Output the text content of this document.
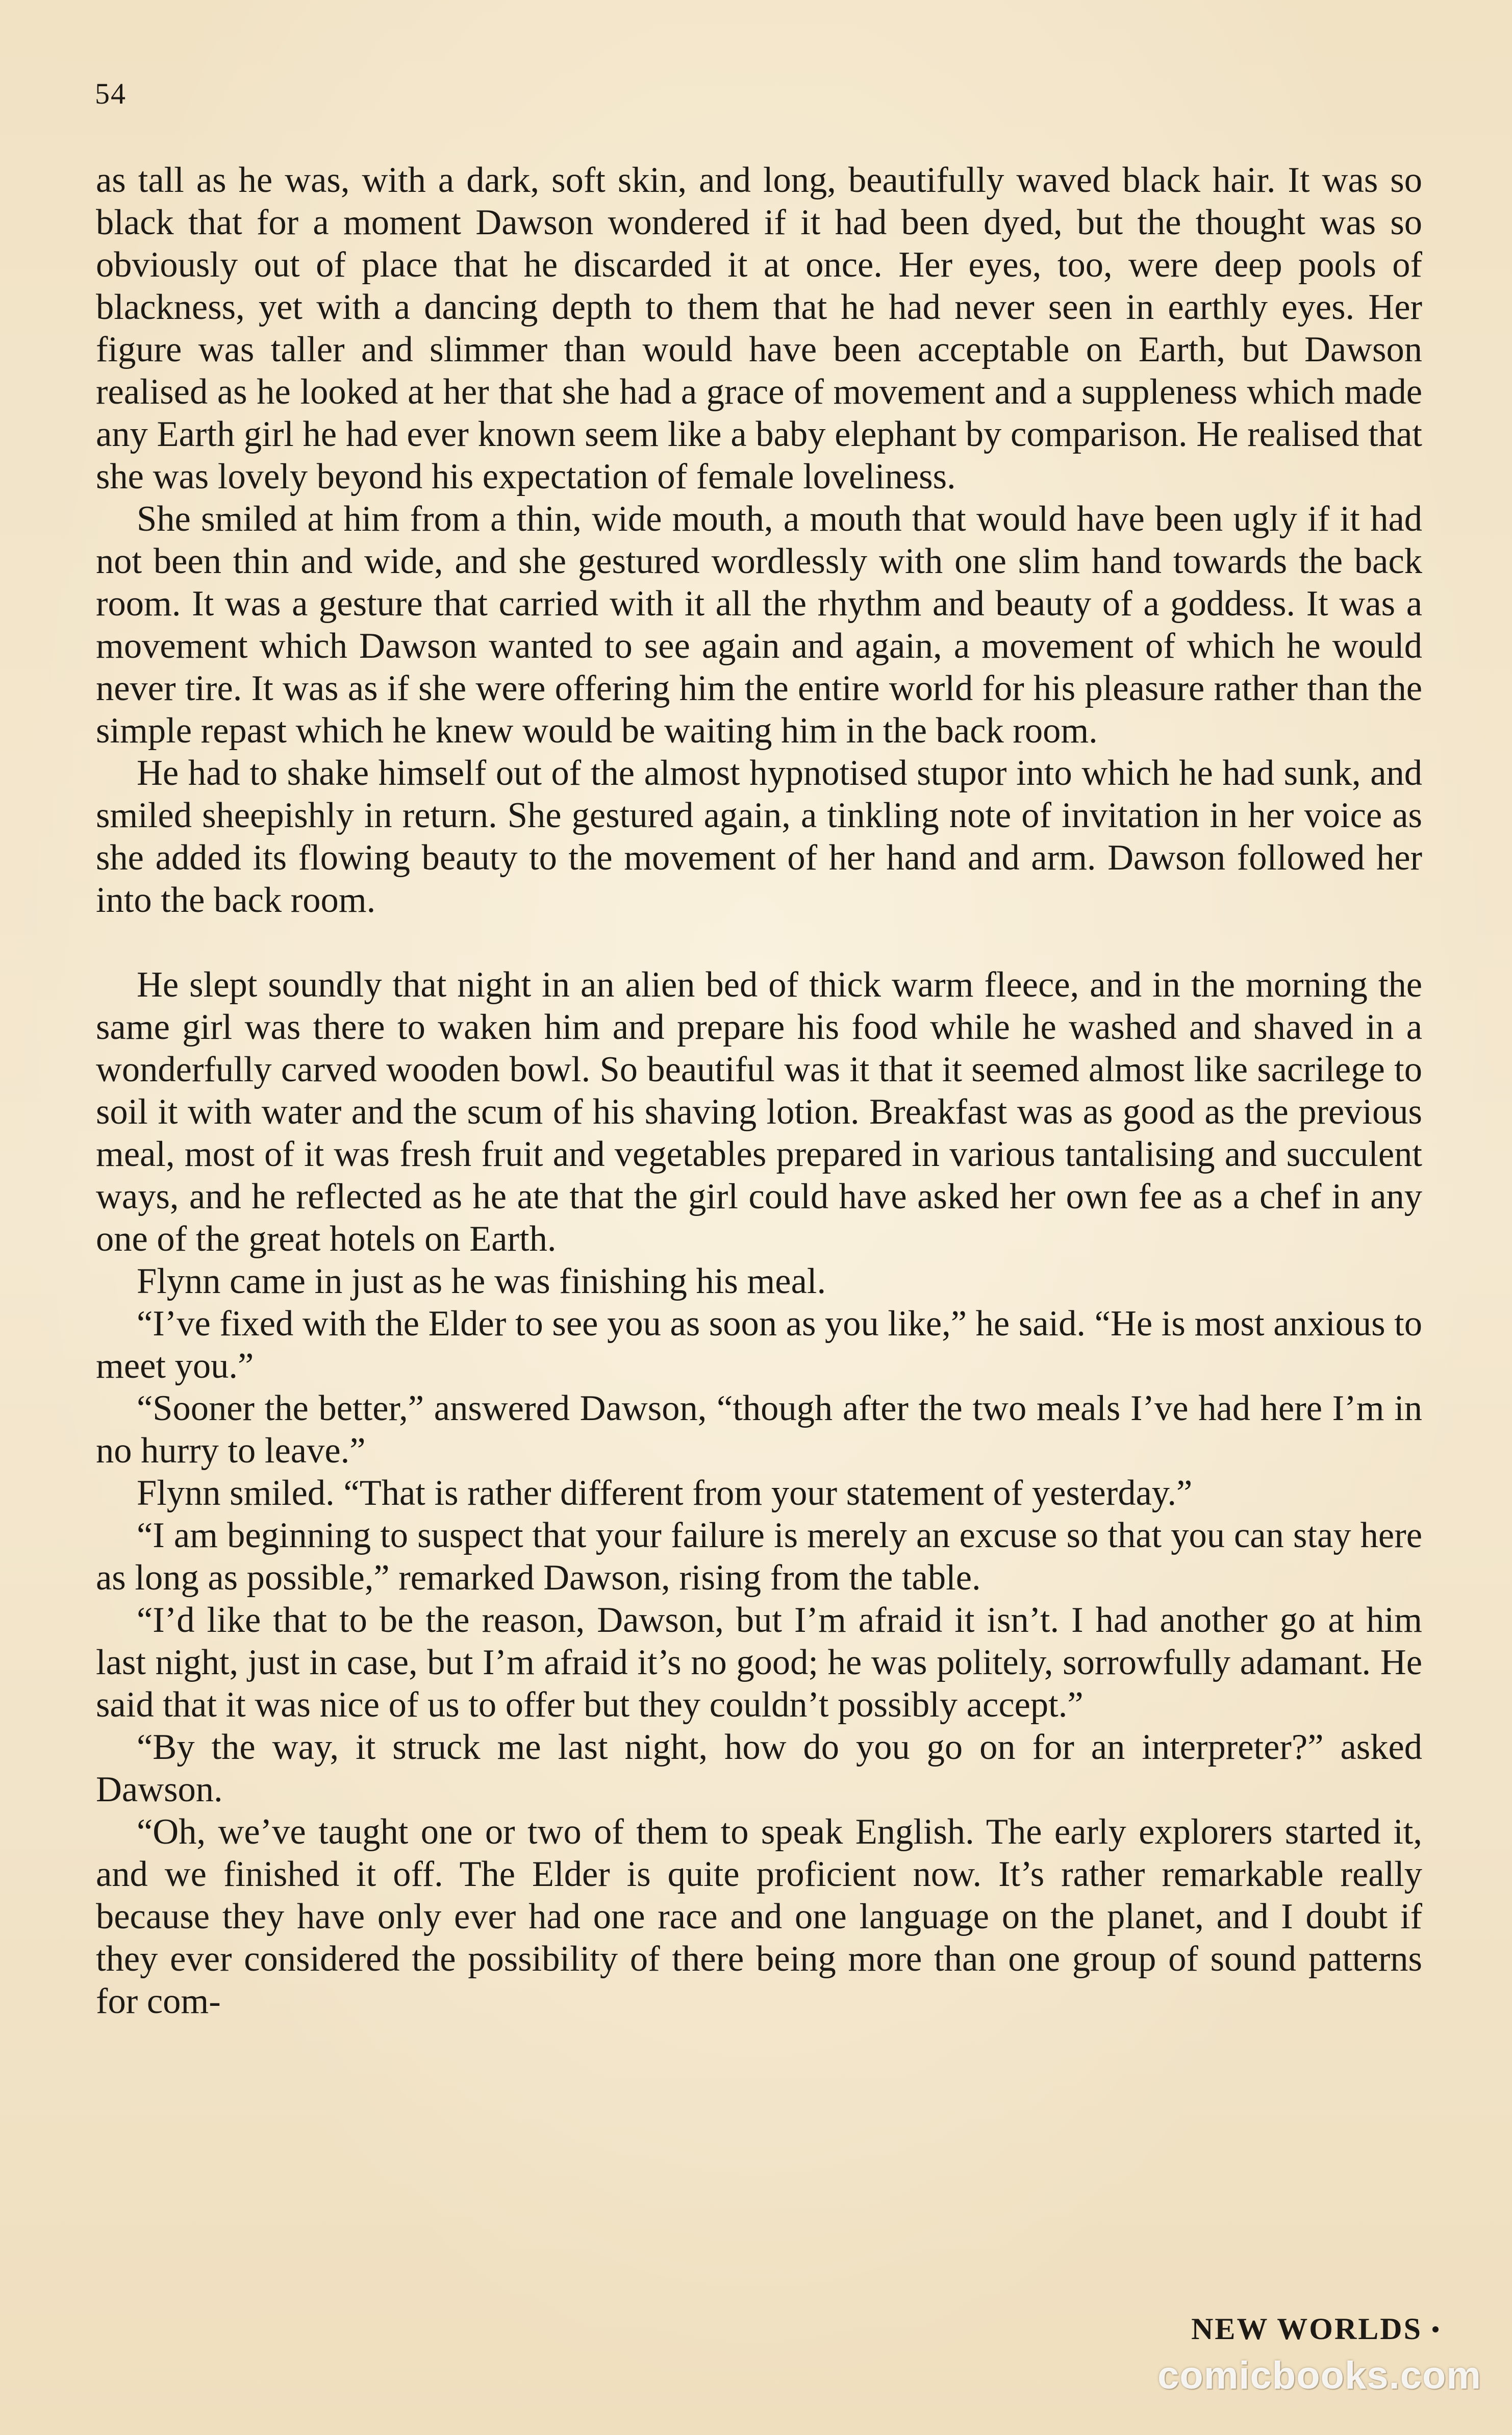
54

as tall as he was, with a dark, soft skin, and long, beautifully waved black hair. It was so black that for a moment Dawson wondered if it had been dyed, but the thought was so obviously out of place that he discarded it at once. Her eyes, too, were deep pools of blackness, yet with a dancing depth to them that he had never seen in earthly eyes. Her figure was taller and slimmer than would have been acceptable on Earth, but Dawson realised as he looked at her that she had a grace of movement and a suppleness which made any Earth girl he had ever known seem like a baby elephant by comparison. He realised that she was lovely beyond his expectation of female loveliness.

She smiled at him from a thin, wide mouth, a mouth that would have been ugly if it had not been thin and wide, and she gestured wordlessly with one slim hand towards the back room. It was a gesture that carried with it all the rhythm and beauty of a goddess. It was a movement which Dawson wanted to see again and again, a movement of which he would never tire. It was as if she were offering him the entire world for his pleasure rather than the simple repast which he knew would be waiting him in the back room.

He had to shake himself out of the almost hypnotised stupor into which he had sunk, and smiled sheepishly in return. She gestured again, a tinkling note of invitation in her voice as she added its flowing beauty to the movement of her hand and arm. Dawson followed her into the back room.

He slept soundly that night in an alien bed of thick warm fleece, and in the morning the same girl was there to waken him and prepare his food while he washed and shaved in a wonderfully carved wooden bowl. So beautiful was it that it seemed almost like sacrilege to soil it with water and the scum of his shaving lotion. Breakfast was as good as the previous meal, most of it was fresh fruit and vegetables prepared in various tantalising and succulent ways, and he reflected as he ate that the girl could have asked her own fee as a chef in any one of the great hotels on Earth.

Flynn came in just as he was finishing his meal.

“I’ve fixed with the Elder to see you as soon as you like,” he said. “He is most anxious to meet you.”

“Sooner the better,” answered Dawson, “though after the two meals I’ve had here I’m in no hurry to leave.”

Flynn smiled. “That is rather different from your statement of yesterday.”

“I am beginning to suspect that your failure is merely an excuse so that you can stay here as long as possible,” remarked Dawson, rising from the table.

“I’d like that to be the reason, Dawson, but I’m afraid it isn’t. I had another go at him last night, just in case, but I’m afraid it’s no good; he was politely, sorrowfully adamant. He said that it was nice of us to offer but they couldn’t possibly accept.”

“By the way, it struck me last night, how do you go on for an interpreter?” asked Dawson.

“Oh, we’ve taught one or two of them to speak English. The early explorers started it, and we finished it off. The Elder is quite proficient now. It’s rather remarkable really because they have only ever had one race and one language on the planet, and I doubt if they ever considered the possibility of there being more than one group of sound patterns for com-

NEW WORLDS
comicbooks.com
